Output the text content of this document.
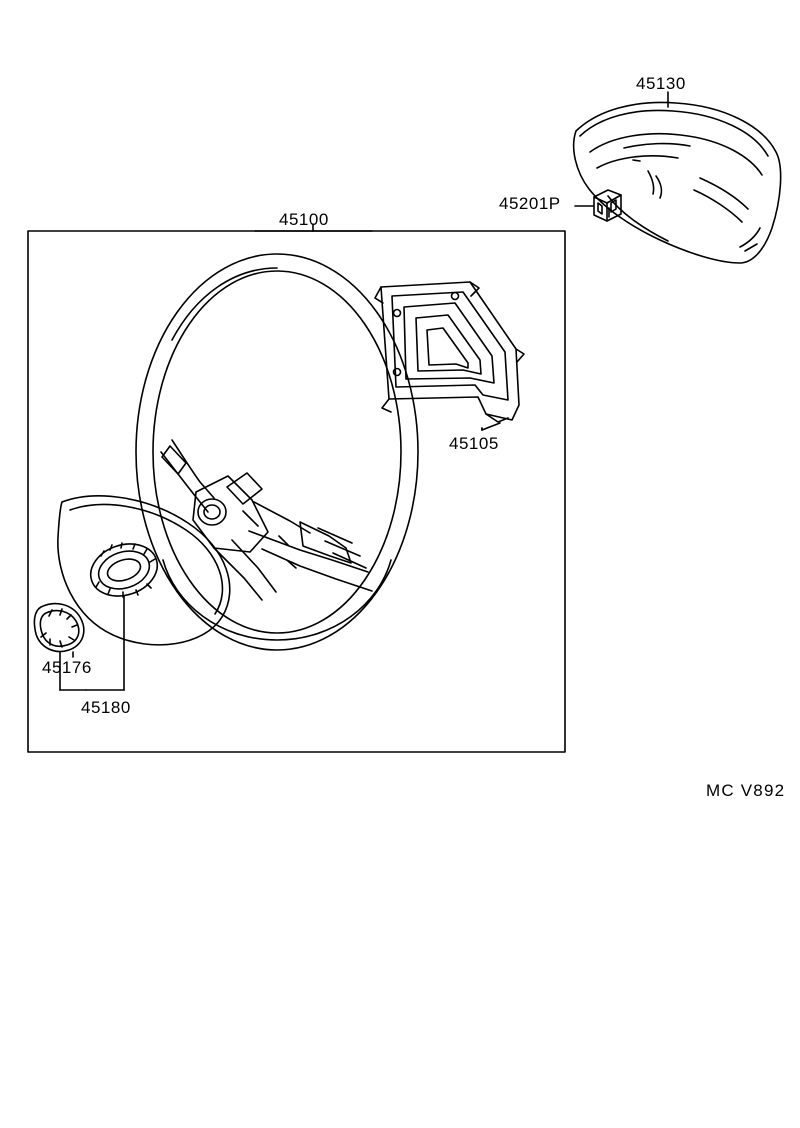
45100
45130
45201P
45105
45176
45180
MC V892
